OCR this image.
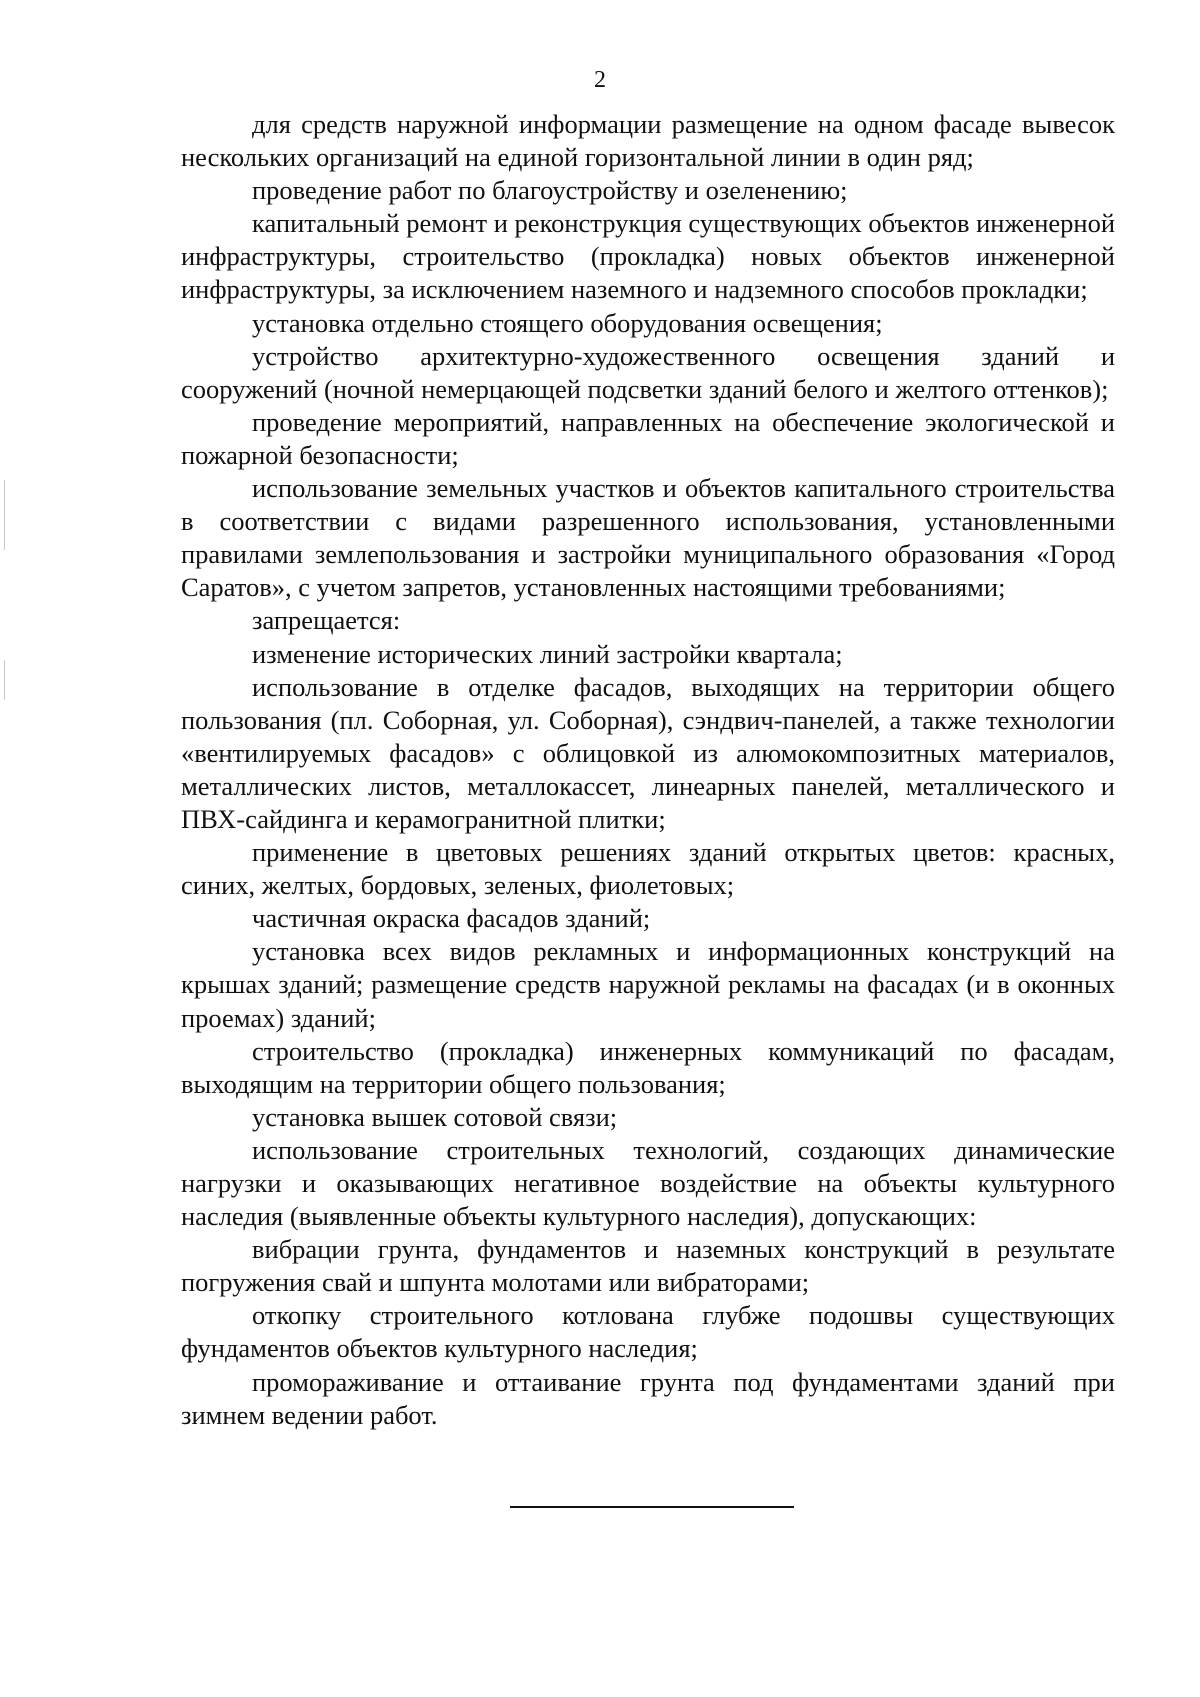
2

для средств наружной информации размещение на одном фасаде вывесок нескольких организаций на единой горизонтальной линии в один ряд;

проведение работ по благоустройству и озеленению;

капитальный ремонт и реконструкция существующих объектов инженерной инфраструктуры, строительство (прокладка) новых объектов инженерной инфраструктуры, за исключением наземного и надземного способов прокладки;

установка отдельно стоящего оборудования освещения;

устройство архитектурно-художественного освещения зданий и сооружений (ночной немерцающей подсветки зданий белого и желтого оттенков);

проведение мероприятий, направленных на обеспечение экологической и пожарной безопасности;

использование земельных участков и объектов капитального строительства в соответствии с видами разрешенного использования, установленными правилами землепользования и застройки муниципального образования «Город Саратов», с учетом запретов, установленных настоящими требованиями;

запрещается:

изменение исторических линий застройки квартала;

использование в отделке фасадов, выходящих на территории общего пользования (пл. Соборная, ул. Соборная), сэндвич-панелей, а также технологии «вентилируемых фасадов» с облицовкой из алюмокомпозитных материалов, металлических листов, металлокассет, линеарных панелей, металлического и ПВХ-сайдинга и керамогранитной плитки;

применение в цветовых решениях зданий открытых цветов: красных, синих, желтых, бордовых, зеленых, фиолетовых;

частичная окраска фасадов зданий;

установка всех видов рекламных и информационных конструкций на крышах зданий; размещение средств наружной рекламы на фасадах (и в оконных проемах) зданий;

строительство (прокладка) инженерных коммуникаций по фасадам, выходящим на территории общего пользования;

установка вышек сотовой связи;

использование строительных технологий, создающих динамические нагрузки и оказывающих негативное воздействие на объекты культурного наследия (выявленные объекты культурного наследия), допускающих:

вибрации грунта, фундаментов и наземных конструкций в результате погружения свай и шпунта молотами или вибраторами;

откопку строительного котлована глубже подошвы существующих фундаментов объектов культурного наследия;

промораживание и оттаивание грунта под фундаментами зданий при зимнем ведении работ.
